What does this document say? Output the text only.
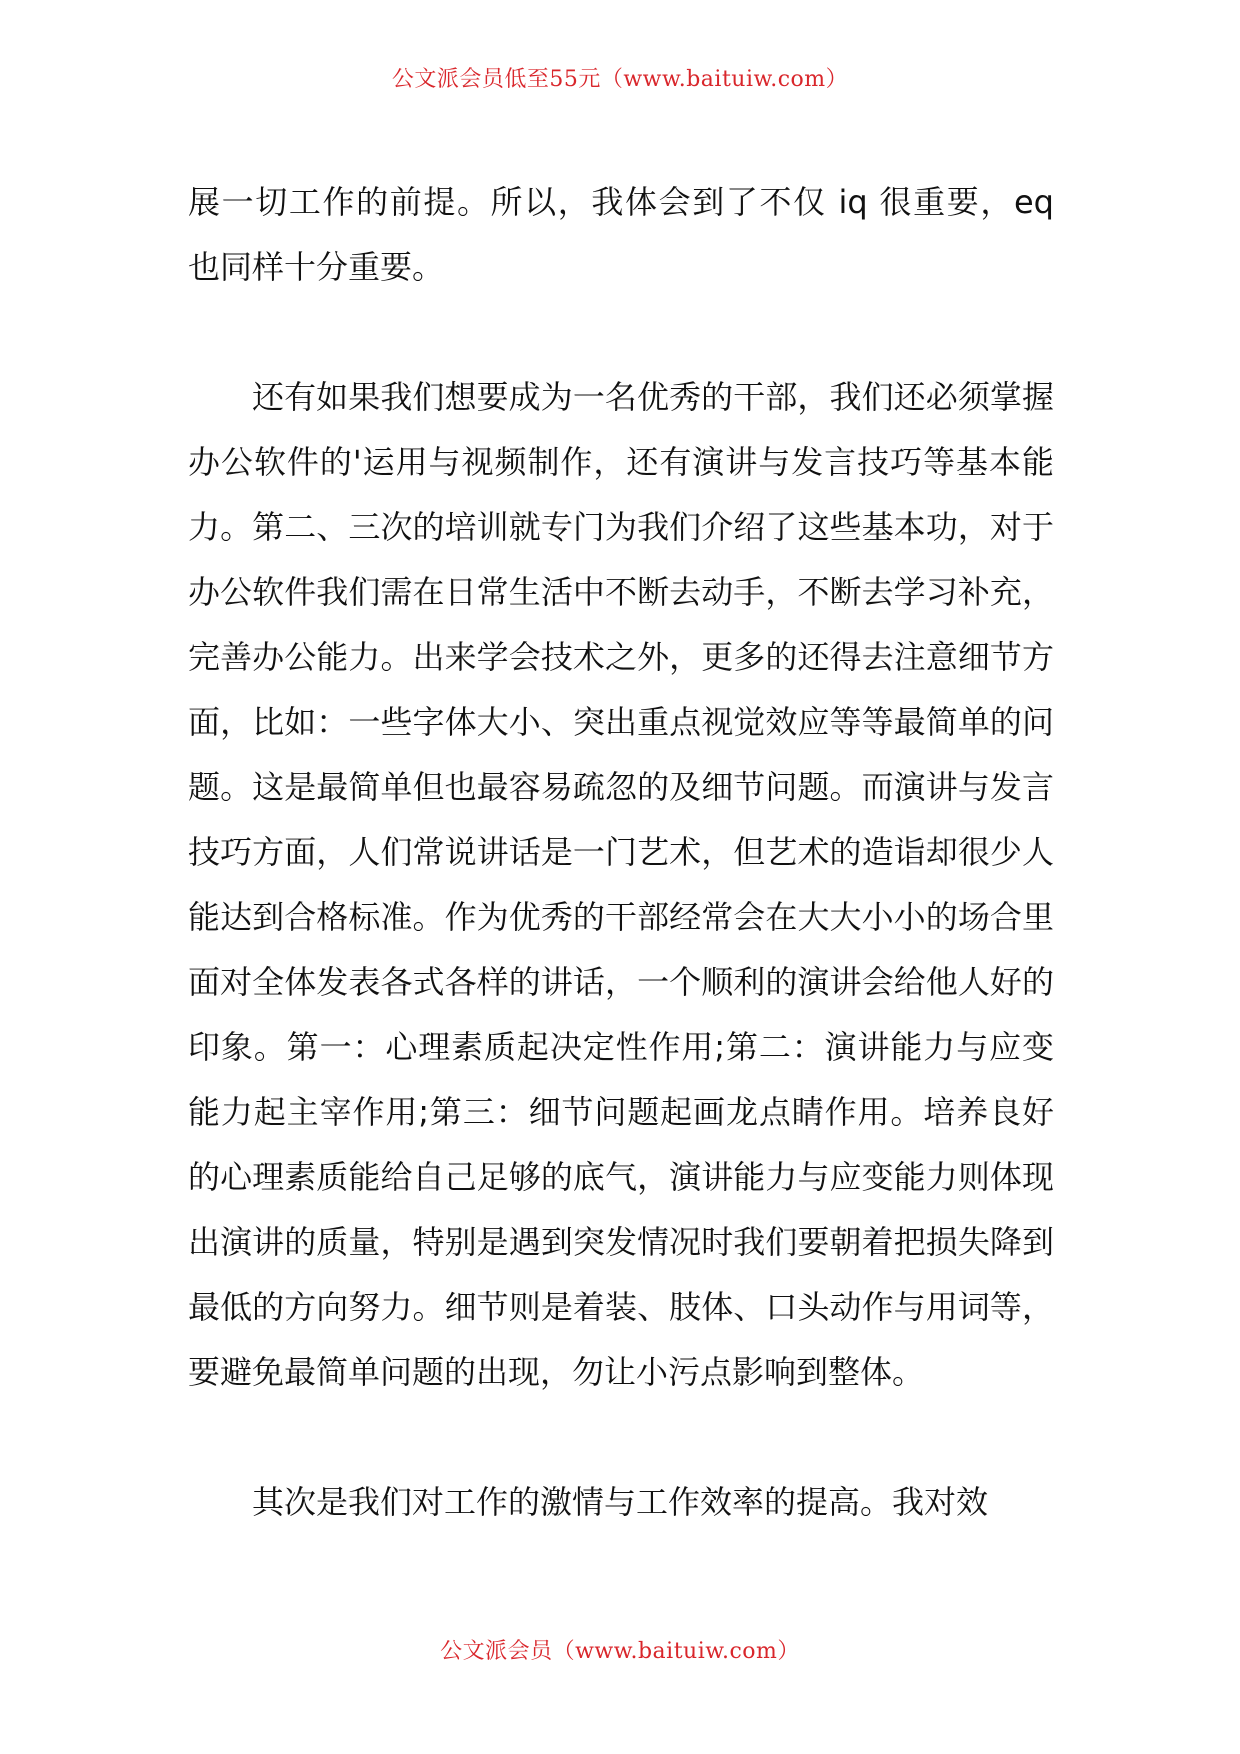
公文派会员低至55元（www.baituiw.com）

展一切工作的前提。所以，我体会到了不仅 iq 很重要，eq 也同样十分重要。

还有如果我们想要成为一名优秀的干部，我们还必须掌握办公软件的'运用与视频制作，还有演讲与发言技巧等基本能力。第二、三次的培训就专门为我们介绍了这些基本功，对于办公软件我们需在日常生活中不断去动手，不断去学习补充，完善办公能力。出来学会技术之外，更多的还得去注意细节方面，比如：一些字体大小、突出重点视觉效应等等最简单的问题。这是最简单但也最容易疏忽的及细节问题。而演讲与发言技巧方面，人们常说讲话是一门艺术，但艺术的造诣却很少人能达到合格标准。作为优秀的干部经常会在大大小小的场合里面对全体发表各式各样的讲话，一个顺利的演讲会给他人好的印象。第一：心理素质起决定性作用;第二：演讲能力与应变能力起主宰作用;第三：细节问题起画龙点睛作用。培养良好的心理素质能给自己足够的底气，演讲能力与应变能力则体现出演讲的质量，特别是遇到突发情况时我们要朝着把损失降到最低的方向努力。细节则是着装、肢体、口头动作与用词等，要避免最简单问题的出现，勿让小污点影响到整体。

其次是我们对工作的激情与工作效率的提高。我对效

公文派会员（www.baituiw.com）
